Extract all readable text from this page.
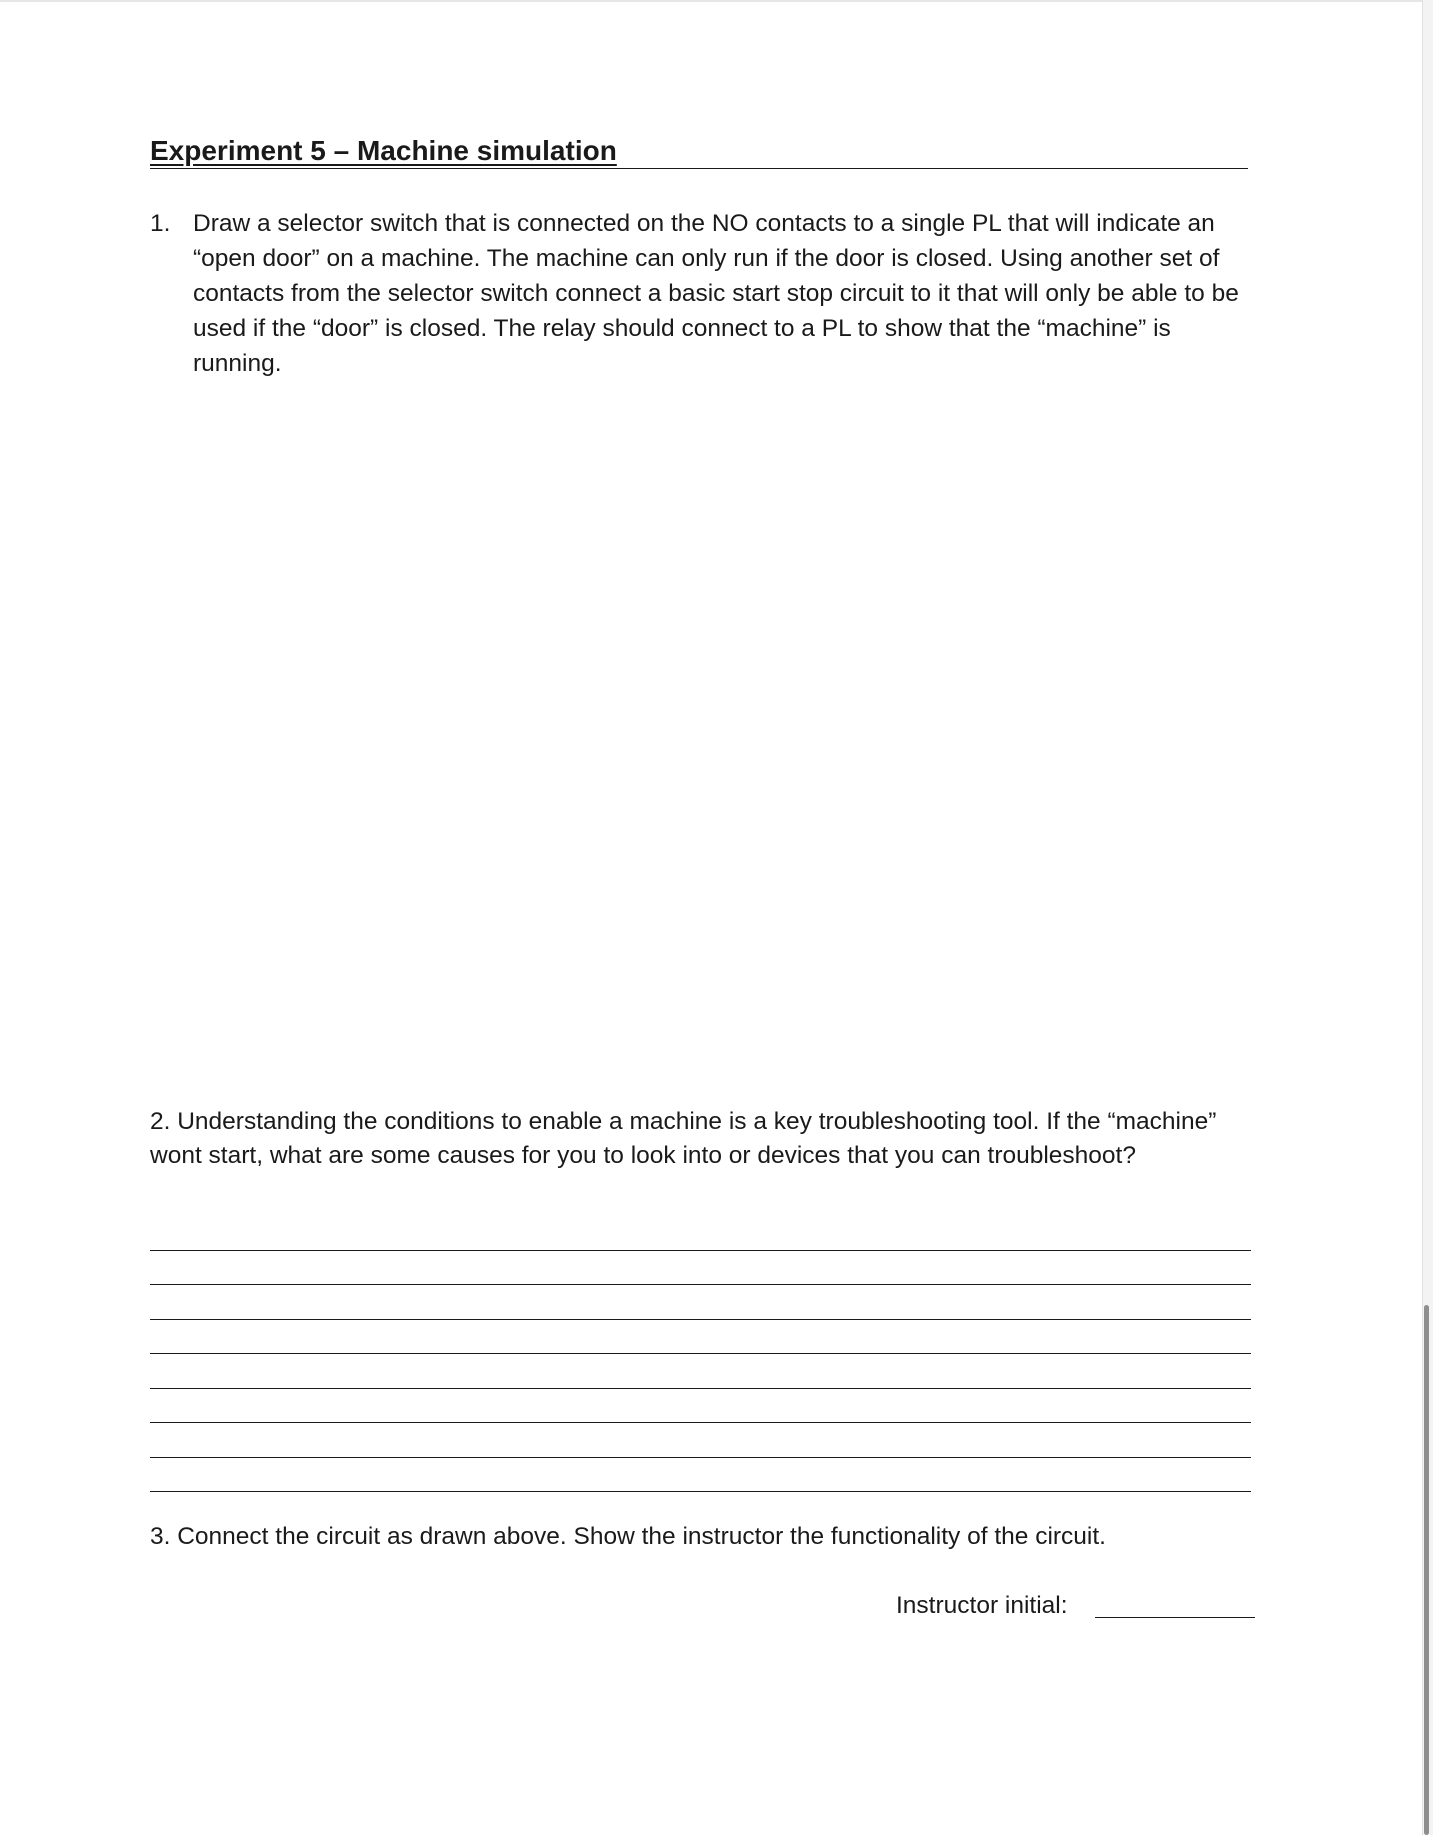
Experiment 5 – Machine simulation
1. Draw a selector switch that is connected on the NO contacts to a single PL that will indicate an “open door” on a machine. The machine can only run if the door is closed. Using another set of contacts from the selector switch connect a basic start stop circuit to it that will only be able to be used if the “door” is closed. The relay should connect to a PL to show that the “machine” is running.
2. Understanding the conditions to enable a machine is a key troubleshooting tool. If the “machine” wont start, what are some causes for you to look into or devices that you can troubleshoot?
3. Connect the circuit as drawn above. Show the instructor the functionality of the circuit.
Instructor initial:
